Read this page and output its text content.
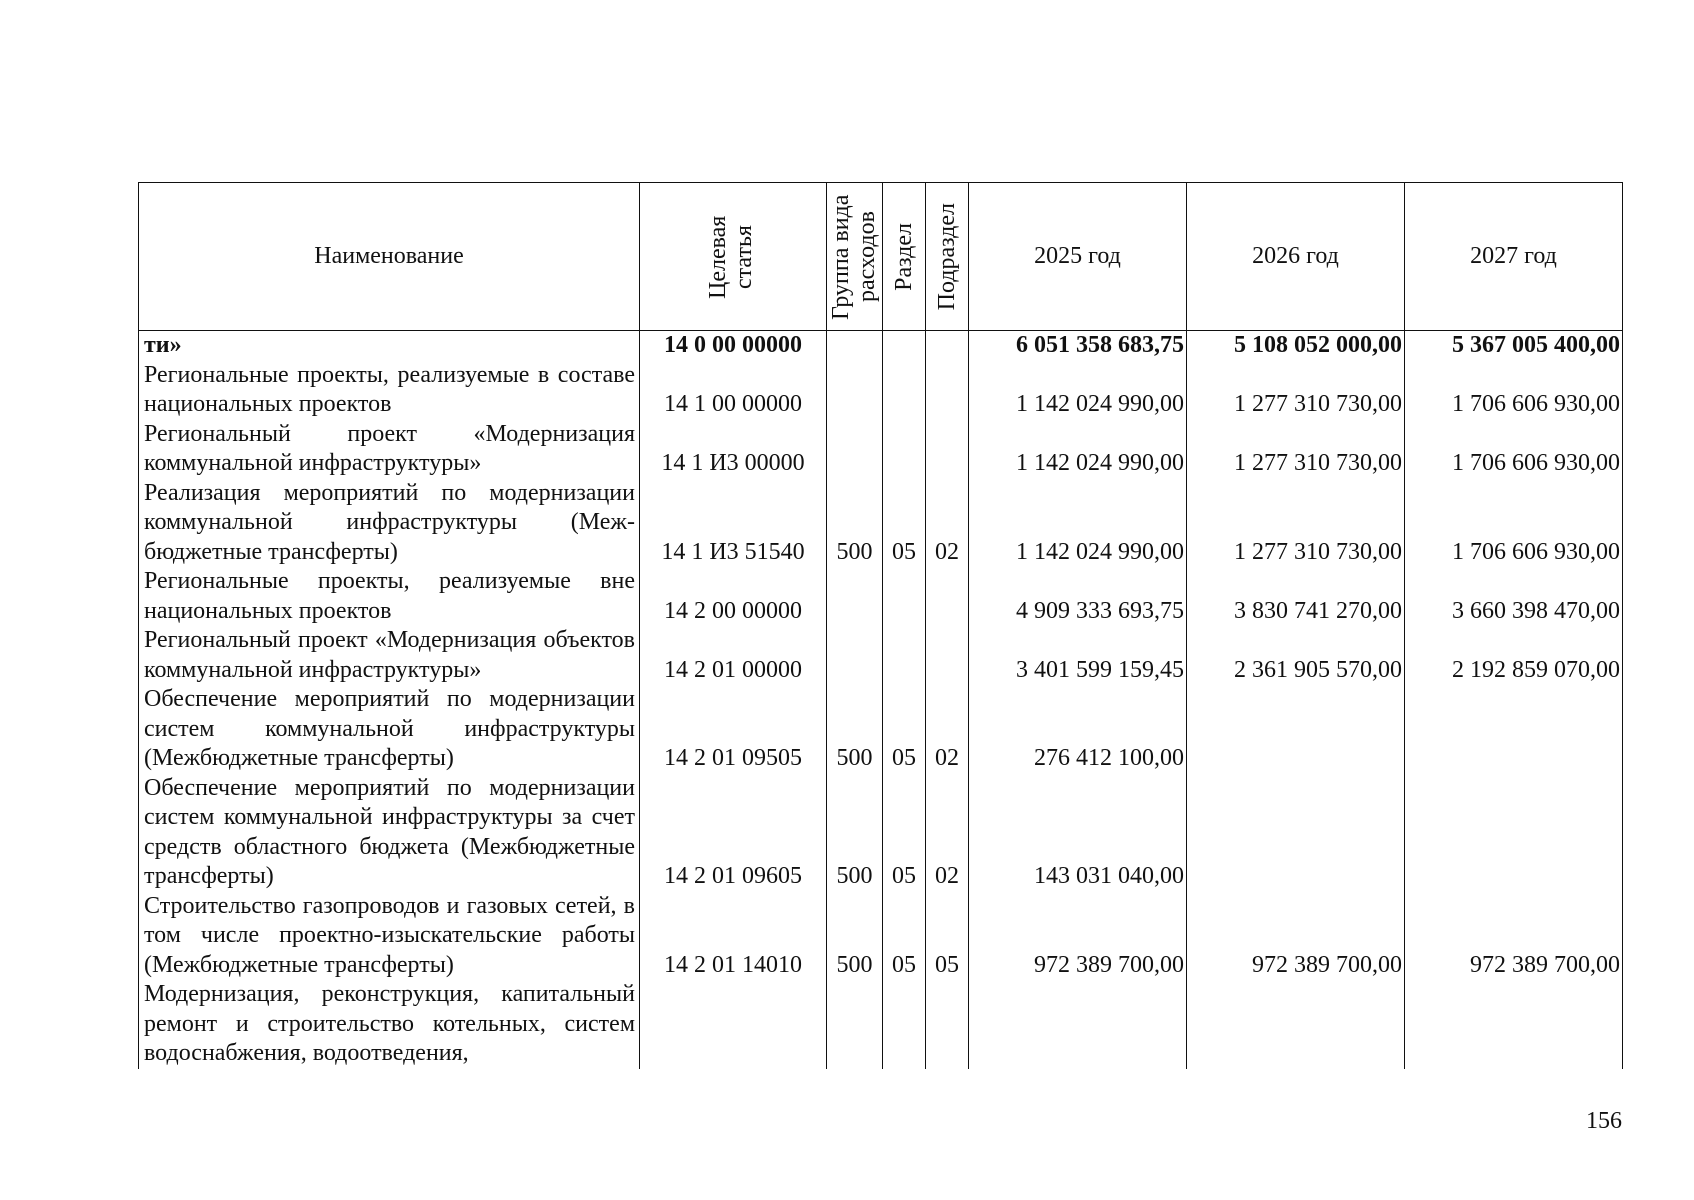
Наименование	Целевая статья	Группа вида расходов	Раздел	Подраздел	2025 год	2026 год	2027 год
ти»	14 0 00 00000				6 051 358 683,75	5 108 052 000,00	5 367 005 400,00
Региональные проекты, реализуемые в составе национальных проектов	14 1 00 00000				1 142 024 990,00	1 277 310 730,00	1 706 606 930,00
Региональный проект «Модернизация коммунальной инфраструктуры»	14 1 И3 00000				1 142 024 990,00	1 277 310 730,00	1 706 606 930,00
Реализация мероприятий по модернизации коммунальной инфраструктуры (Межбюджетные трансферты)	14 1 И3 51540	500	05	02	1 142 024 990,00	1 277 310 730,00	1 706 606 930,00
Региональные проекты, реализуемые вне национальных проектов	14 2 00 00000				4 909 333 693,75	3 830 741 270,00	3 660 398 470,00
Региональный проект «Модернизация объектов коммунальной инфраструктуры»	14 2 01 00000				3 401 599 159,45	2 361 905 570,00	2 192 859 070,00
Обеспечение мероприятий по модернизации систем коммунальной инфраструктуры (Межбюджетные трансферты)	14 2 01 09505	500	05	02	276 412 100,00		
Обеспечение мероприятий по модернизации систем коммунальной инфраструктуры за счет средств областного бюджета (Межбюджетные трансферты)	14 2 01 09605	500	05	02	143 031 040,00		
Строительство газопроводов и газовых сетей, в том числе проектно-изыскательские работы (Межбюджетные трансферты)	14 2 01 14010	500	05	05	972 389 700,00	972 389 700,00	972 389 700,00
Модернизация, реконструкция, капитальный ремонт и строительство котельных, систем водоснабжения, водоотведения,							
156
